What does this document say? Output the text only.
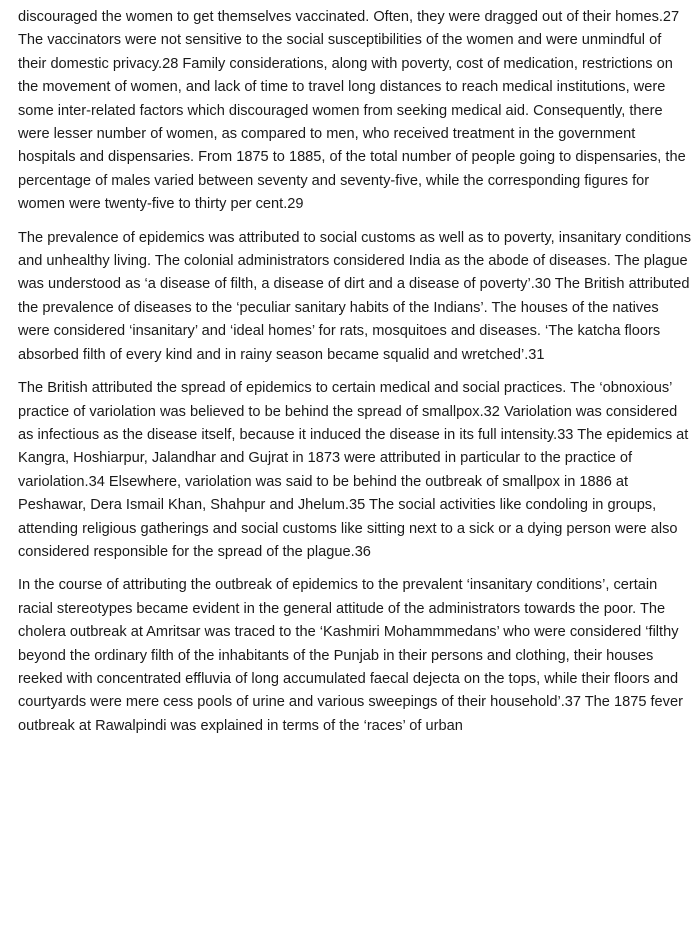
discouraged the women to get themselves vaccinated. Often, they were dragged out of their homes.27 The vaccinators were not sensitive to the social susceptibilities of the women and were unmindful of their domestic privacy.28 Family considerations, along with poverty, cost of medication, restrictions on the movement of women, and lack of time to travel long distances to reach medical institutions, were some inter-related factors which discouraged women from seeking medical aid. Consequently, there were lesser number of women, as compared to men, who received treatment in the government hospitals and dispensaries. From 1875 to 1885, of the total number of people going to dispensaries, the percentage of males varied between seventy and seventy-five, while the corresponding figures for women were twenty-five to thirty per cent.29

The prevalence of epidemics was attributed to social customs as well as to poverty, insanitary conditions and unhealthy living. The colonial administrators considered India as the abode of diseases. The plague was understood as ‘a disease of filth, a disease of dirt and a disease of poverty’.30 The British attributed the prevalence of diseases to the ‘peculiar sanitary habits of the Indians’. The houses of the natives were considered ‘insanitary’ and ‘ideal homes’ for rats, mosquitoes and diseases. ‘The katcha floors absorbed filth of every kind and in rainy season became squalid and wretched’.31

The British attributed the spread of epidemics to certain medical and social practices. The ‘obnoxious’ practice of variolation was believed to be behind the spread of smallpox.32 Variolation was considered as infectious as the disease itself, because it induced the disease in its full intensity.33 The epidemics at Kangra, Hoshiarpur, Jalandhar and Gujrat in 1873 were attributed in particular to the practice of variolation.34 Elsewhere, variolation was said to be behind the outbreak of smallpox in 1886 at Peshawar, Dera Ismail Khan, Shahpur and Jhelum.35 The social activities like condoling in groups, attending religious gatherings and social customs like sitting next to a sick or a dying person were also considered responsible for the spread of the plague.36

In the course of attributing the outbreak of epidemics to the prevalent ‘insanitary conditions’, certain racial stereotypes became evident in the general attitude of the administrators towards the poor. The cholera outbreak at Amritsar was traced to the ‘Kashmiri Mohammmedans’ who were considered ‘filthy beyond the ordinary filth of the inhabitants of the Punjab in their persons and clothing, their houses reeked with concentrated effluvia of long accumulated faecal dejecta on the tops, while their floors and courtyards were mere cess pools of urine and various sweepings of their household’.37 The 1875 fever outbreak at Rawalpindi was explained in terms of the ‘races’ of urban
